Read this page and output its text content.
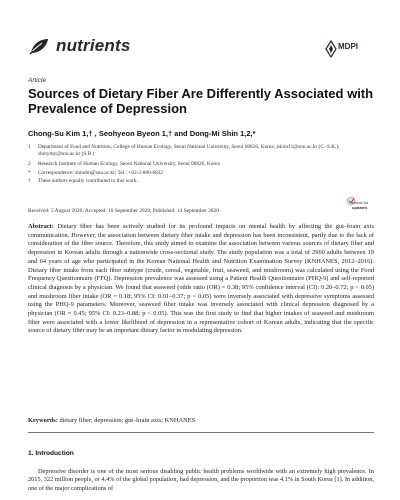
nutrients	MDPI
Article
Sources of Dietary Fiber Are Differently Associated with Prevalence of Depression
Chong-Su Kim 1,† , Seohyeon Byeon 1,† and Dong-Mi Shin 1,2,*
1	Department of Food and Nutrition, College of Human Ecology, Seoul National University, Seoul 08826, Korea; jskim11@snu.ac.kr (C.-S.K.); shmymy@snu.ac.kr (S.B.)
2	Research Institute of Human Ecology, Seoul National University, Seoul 08826, Korea
*	Correspondence: shindm@snu.ac.kr; Tel.: +82-2-880-6832
†	These authors equally contributed to this work.
Received: 5 August 2020; Accepted: 10 September 2020; Published: 14 September 2020
check for
updates
Abstract: Dietary fiber has been actively studied for its profound impacts on mental health by affecting the gut–brain axis communication. However, the association between dietary fiber intake and depression has been inconsistent, partly due to the lack of consideration of the fiber source. Therefore, this study aimed to examine the association between various sources of dietary fiber and depression in Korean adults through a nationwide cross-sectional study. The study population was a total of 2960 adults between 19 and 64 years of age who participated in the Korean National Health and Nutrition Examination Survey (KNHANES, 2012–2016). Dietary fiber intake from each fiber subtype (crude, cereal, vegetable, fruit, seaweed, and mushroom) was calculated using the Food Frequency Questionnaire (FFQ). Depression prevalence was assessed using a Patient Health Questionnaire (PHQ-9) and self-reported clinical diagnosis by a physician. We found that seaweed (odds ratio (OR) = 0.38; 95% confidence interval (CI): 0.20–0.72; p < 0.05) and mushroom fiber intake (OR = 0.18; 95% CI: 0.01–0.37; p < 0.05) were inversely associated with depressive symptoms assessed using the PHQ-9 parameters. Moreover, seaweed fiber intake was inversely associated with clinical depression diagnosed by a physician (OR = 0.45; 95% CI: 0.23–0.88; p < 0.05). This was the first study to find that higher intakes of seaweed and mushroom fiber were associated with a lower likelihood of depression in a representative cohort of Korean adults, indicating that the specific source of dietary fiber may be an important dietary factor in modulating depression.
Keywords: dietary fiber; depression; gut–brain axis; KNHANES
1. Introduction
Depressive disorder is one of the most serious disabling public health problems worldwide with an extremely high prevalence. In 2015, 322 million people, or 4.4% of the global population, had depression, and the proportion was 4.1% in South Korea [1]. In addition, one of the major complications of
